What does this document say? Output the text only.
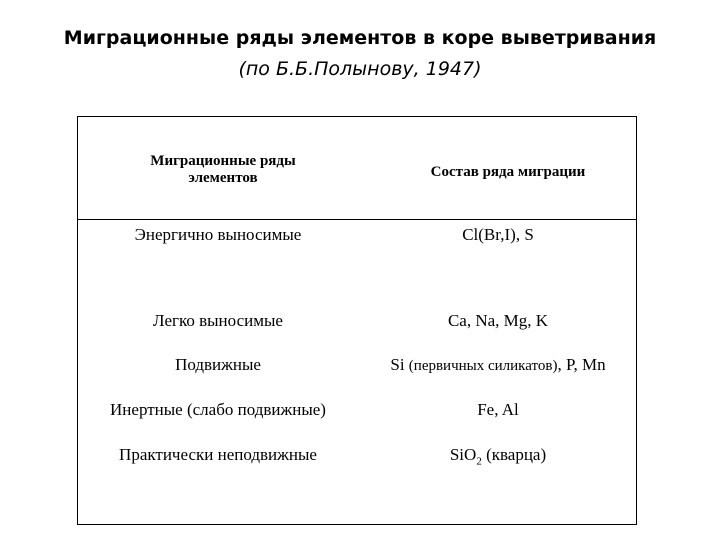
Миграционные ряды элементов в коре выветривания
(по Б.Б.Полынову, 1947)
Миграционные ряды
элементов	Состав ряда миграции
Энергично выносимые	Cl(Br,I), S
Легко выносимые	Ca, Na, Mg, K
Подвижные	Si (первичных силикатов), P, Mn
Инертные (слабо подвижные)	Fe, Al
Практически неподвижные	SiO$_2$ (кварца)
